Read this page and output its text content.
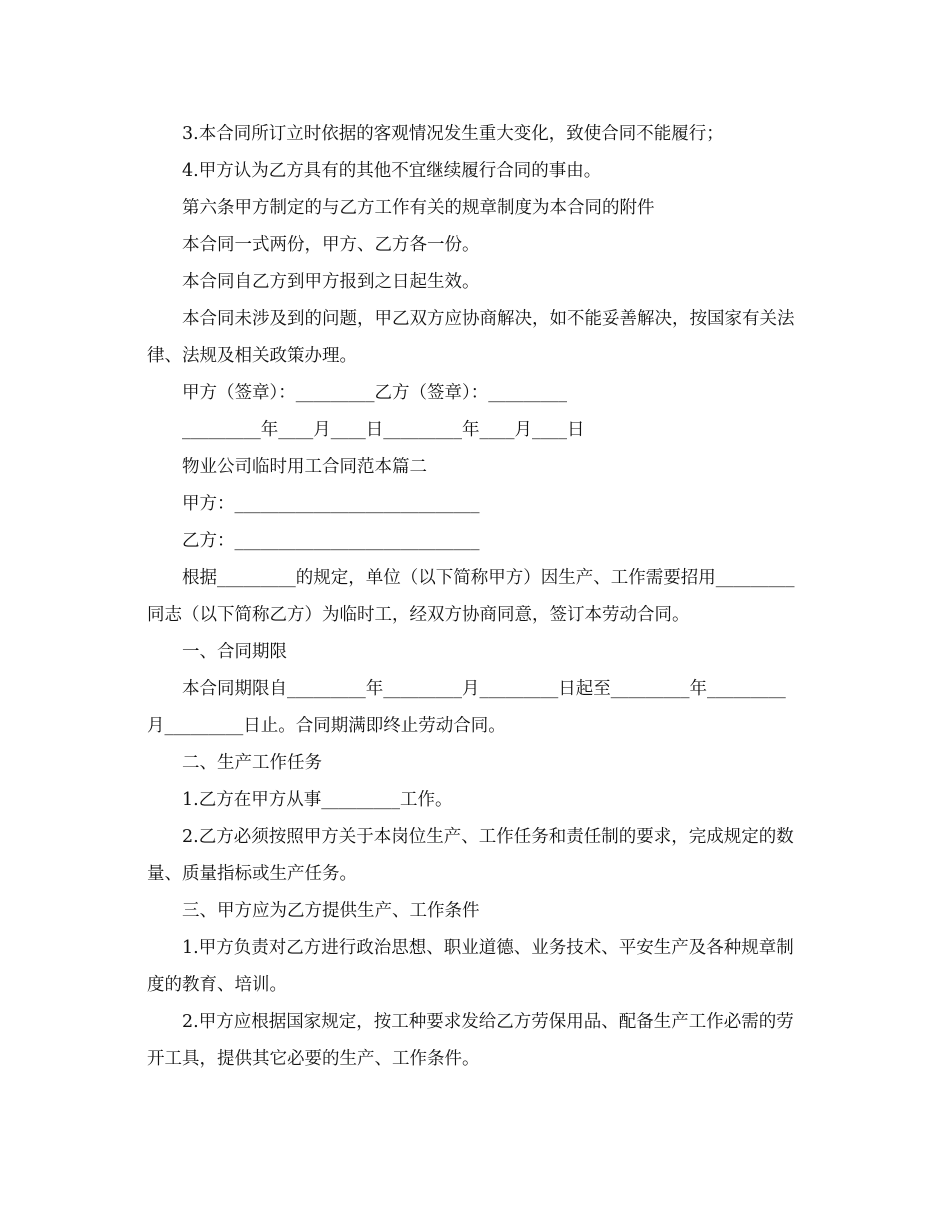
3.本合同所订立时依据的客观情况发生重大变化，致使合同不能履行；

4.甲方认为乙方具有的其他不宜继续履行合同的事由。

第六条甲方制定的与乙方工作有关的规章制度为本合同的附件

本合同一式两份，甲方、乙方各一份。

本合同自乙方到甲方报到之日起生效。

本合同未涉及到的问题，甲乙双方应协商解决，如不能妥善解决，按国家有关法律、法规及相关政策办理。

甲方（签章）：_________乙方（签章）：_________

_________年____月____日_________年____月____日

物业公司临时用工合同范本篇二

甲方：____________________________

乙方：____________________________

根据_________的规定，单位（以下简称甲方）因生产、工作需要招用_________同志（以下简称乙方）为临时工，经双方协商同意，签订本劳动合同。

一、合同期限

本合同期限自_________年_________月_________日起至_________年_________月_________日止。合同期满即终止劳动合同。

二、生产工作任务

1.乙方在甲方从事_________工作。

2.乙方必须按照甲方关于本岗位生产、工作任务和责任制的要求，完成规定的数量、质量指标或生产任务。

三、甲方应为乙方提供生产、工作条件

1.甲方负责对乙方进行政治思想、职业道德、业务技术、平安生产及各种规章制度的教育、培训。

2.甲方应根据国家规定，按工种要求发给乙方劳保用品、配备生产工作必需的劳开工具，提供其它必要的生产、工作条件。
